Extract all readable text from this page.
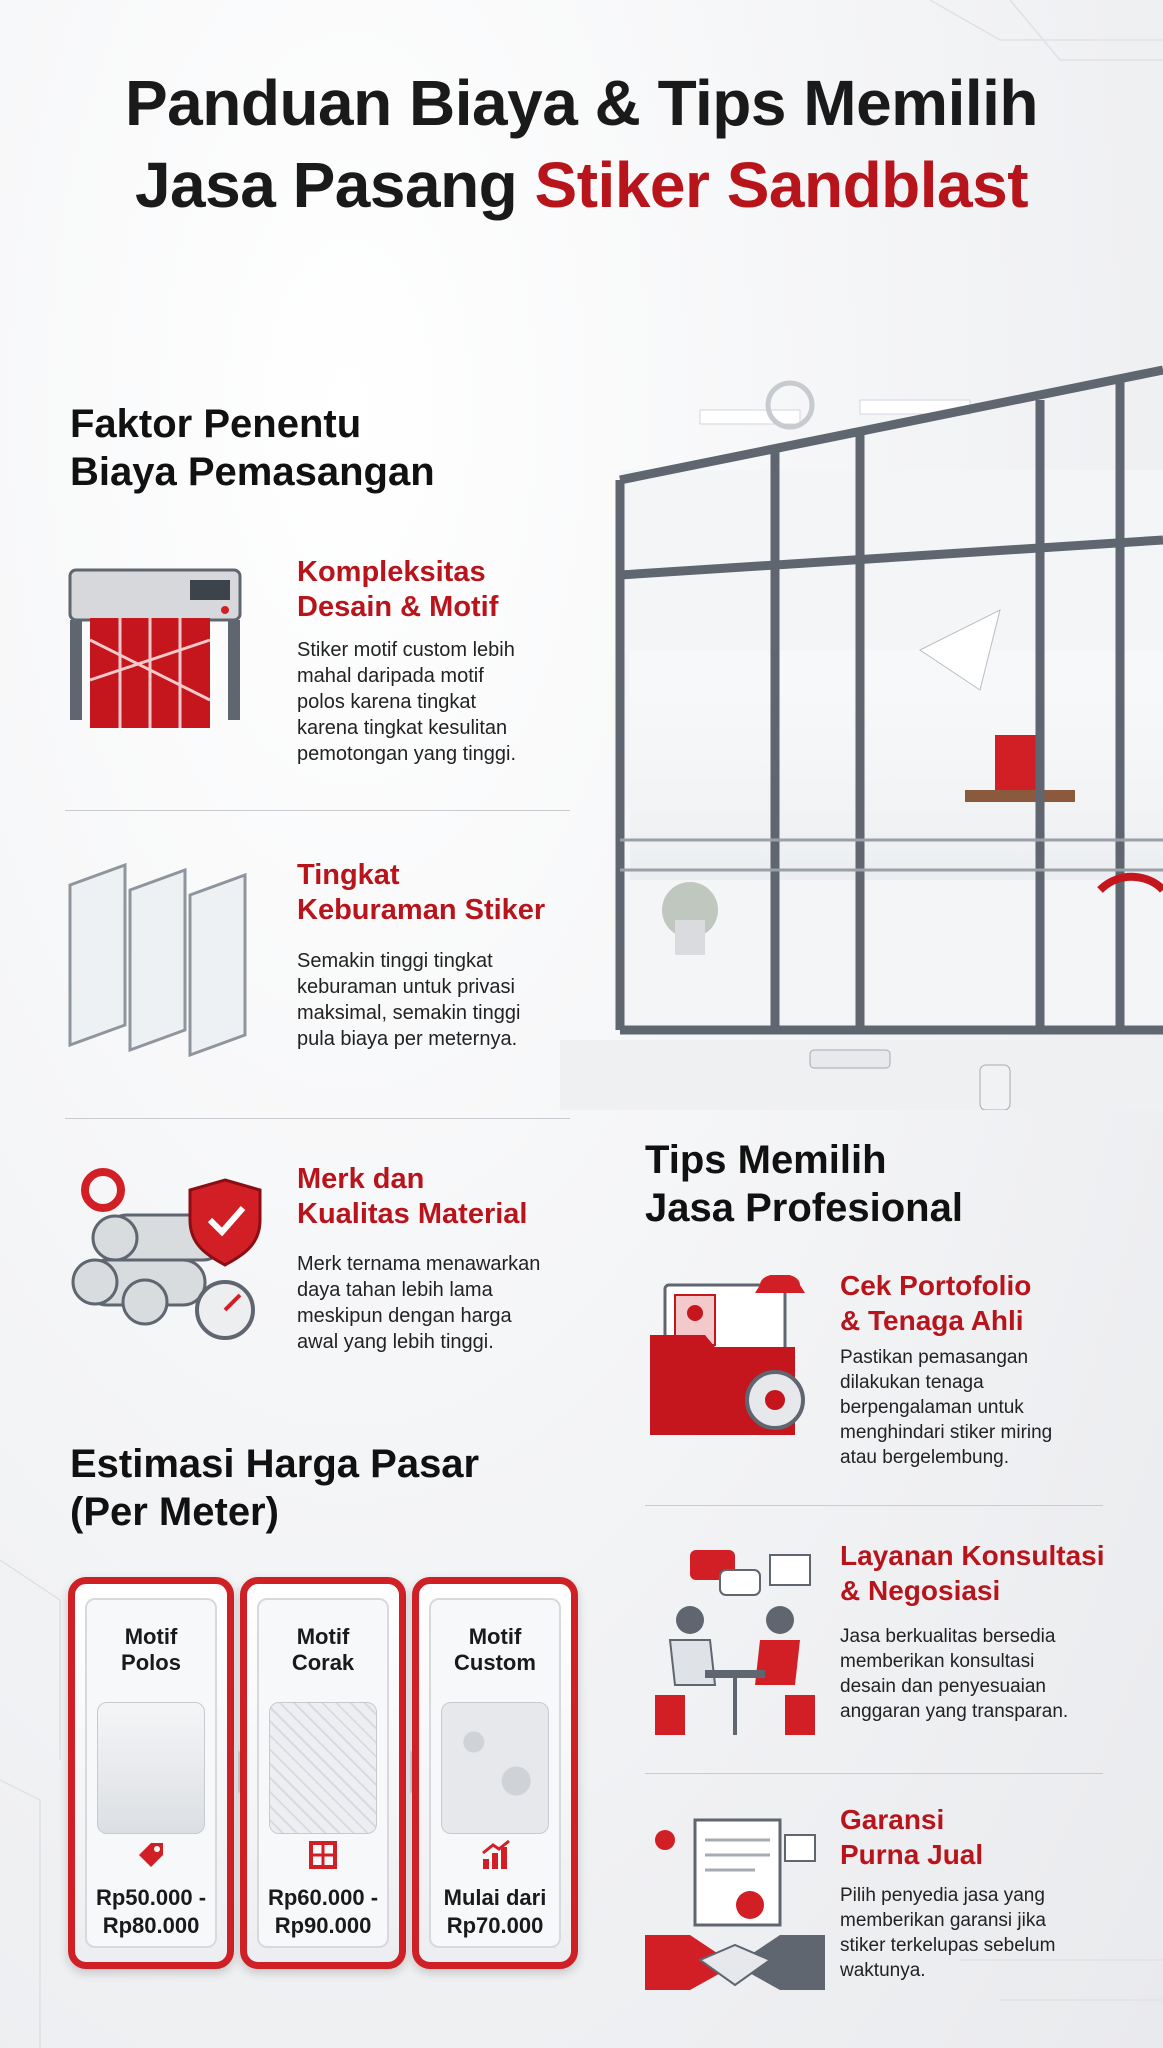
Panduan Biaya & Tips Memilih
Jasa Pasang Stiker Sandblast
Faktor Penentu
Biaya Pemasangan
Kompleksitas
Desain & Motif
Stiker motif custom lebih
mahal daripada motif
polos karena tingkat
karena tingkat kesulitan
pemotongan yang tinggi.
Tingkat
Keburaman Stiker
Semakin tinggi tingkat
keburaman untuk privasi
maksimal, semakin tinggi
pula biaya per meternya.
Merk dan
Kualitas Material
Merk ternama menawarkan
daya tahan lebih lama
meskipun dengan harga
awal yang lebih tinggi.
Estimasi Harga Pasar
(Per Meter)
Motif
Polos
Rp50.000 -
Rp80.000
Motif
Corak
Rp60.000 -
Rp90.000
Motif
Custom
Mulai dari
Rp70.000
Tips Memilih
Jasa Profesional
Cek Portofolio
& Tenaga Ahli
Pastikan pemasangan
dilakukan tenaga
berpengalaman untuk
menghindari stiker miring
atau bergelembung.
Layanan Konsultasi
& Negosiasi
Jasa berkualitas bersedia
memberikan konsultasi
desain dan penyesuaian
anggaran yang transparan.
Garansi
Purna Jual
Pilih penyedia jasa yang
memberikan garansi jika
stiker terkelupas sebelum
waktunya.
